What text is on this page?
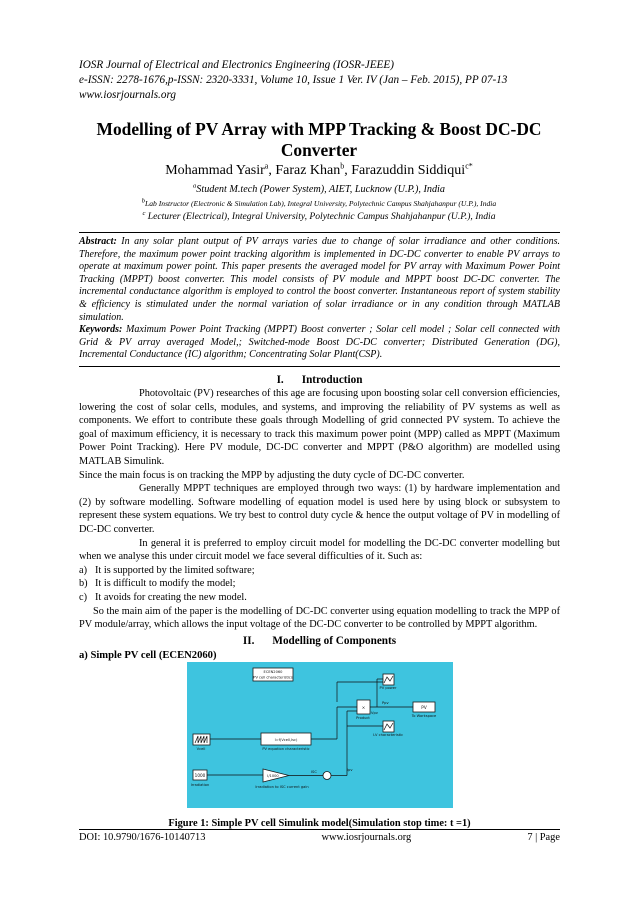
IOSR Journal of Electrical and Electronics Engineering (IOSR-JEEE)
e-ISSN: 2278-1676,p-ISSN: 2320-3331, Volume 10, Issue 1 Ver. IV (Jan – Feb. 2015), PP 07-13
www.iosrjournals.org
Modelling of PV Array with MPP Tracking & Boost DC-DC
Converter
Mohammad Yasir$^a$, Faraz Khan$^b$, Farazuddin Siddiqui$^{c*}$
$^a$Student M.tech (Power System), AIET, Lucknow (U.P.), India
$^b$Lab Instructor (Electronic & Simulation Lab), Integral University, Polytechnic Campus Shahjahanpur (U.P.), India
$^c$ Lecturer (Electrical), Integral University, Polytechnic Campus Shahjahanpur (U.P.), India

Abstract: In any solar plant output of PV arrays varies due to change of solar irradiance and other conditions. Therefore, the maximum power point tracking algorithm is implemented in DC-DC converter to enable PV arrays to operate at maximum power point. This paper presents the averaged model for PV array with Maximum Power Point Tracking (MPPT) boost converter. This model consists of PV module and MPPT boost DC-DC converter. The incremental conductance algorithm is employed to control the boost converter. Instantaneous report of system stability & efficiency is stimulated under the normal variation of solar irradiance or in any condition through MATLAB simulation.

Keywords: Maximum Power Point Tracking (MPPT) Boost converter ; Solar cell model ; Solar cell connected with Grid & PV array averaged Model,; Switched-mode Boost DC-DC converter; Distributed Generation (DG), Incremental Conductance (IC) algorithm; Concentrating Solar Plant(CSP).

I. Introduction

Photovoltaic (PV) researches of this age are focusing upon boosting solar cell conversion efficiencies, lowering the cost of solar cells, modules, and systems, and improving the reliability of PV systems as well as components. We effort to contribute these goals through Modelling of grid connected PV system. To achieve the goal of maximum efficiency, it is necessary to track this maximum power point (MPP) called as MPPT (Maximum Power Point Tracking). Here PV module, DC-DC converter and MPPT (P&O algorithm) are modelled using MATLAB Simulink.

Since the main focus is on tracking the MPP by adjusting the duty cycle of DC-DC converter.

Generally MPPT techniques are employed through two ways: (1) by hardware implementation and (2) by software modelling. Software modelling of equation model is used here by using block or subsystem to represent these system equations. We try best to control duty cycle & hence the output voltage of PV in modelling of DC-DC converter.

In general it is preferred to employ circuit model for modelling the DC-DC converter modelling but when we analyse this under circuit model we face several difficulties of it. Such as:

a) It is supported by the limited software;
b) It is difficult to modify the model;
c) It avoids for creating the new model.

So the main aim of the paper is the modelling of DC-DC converter using equation modelling to track the MPP of PV module/array, which allows the input voltage of the DC-DC converter to be controlled by MPPT algorithm.

II. Modelling of Components
a) Simple PV cell (ECEN2060)
ECEN2060
PV cell characteristics
Vcell
I=f(Vcell,Isc)
PV equation characteristic
1000
Irradiation
I/1000
Irradiation to ISC current gain
×
Product
PV power
I-V characteristic
PV
To Workspace
Ppv
Vpv
Ipv
ISC
Figure 1: Simple PV cell Simulink model(Simulation stop time: t =1)
DOI: 10.9790/1676-10140713	www.iosrjournals.org	7 | Page
